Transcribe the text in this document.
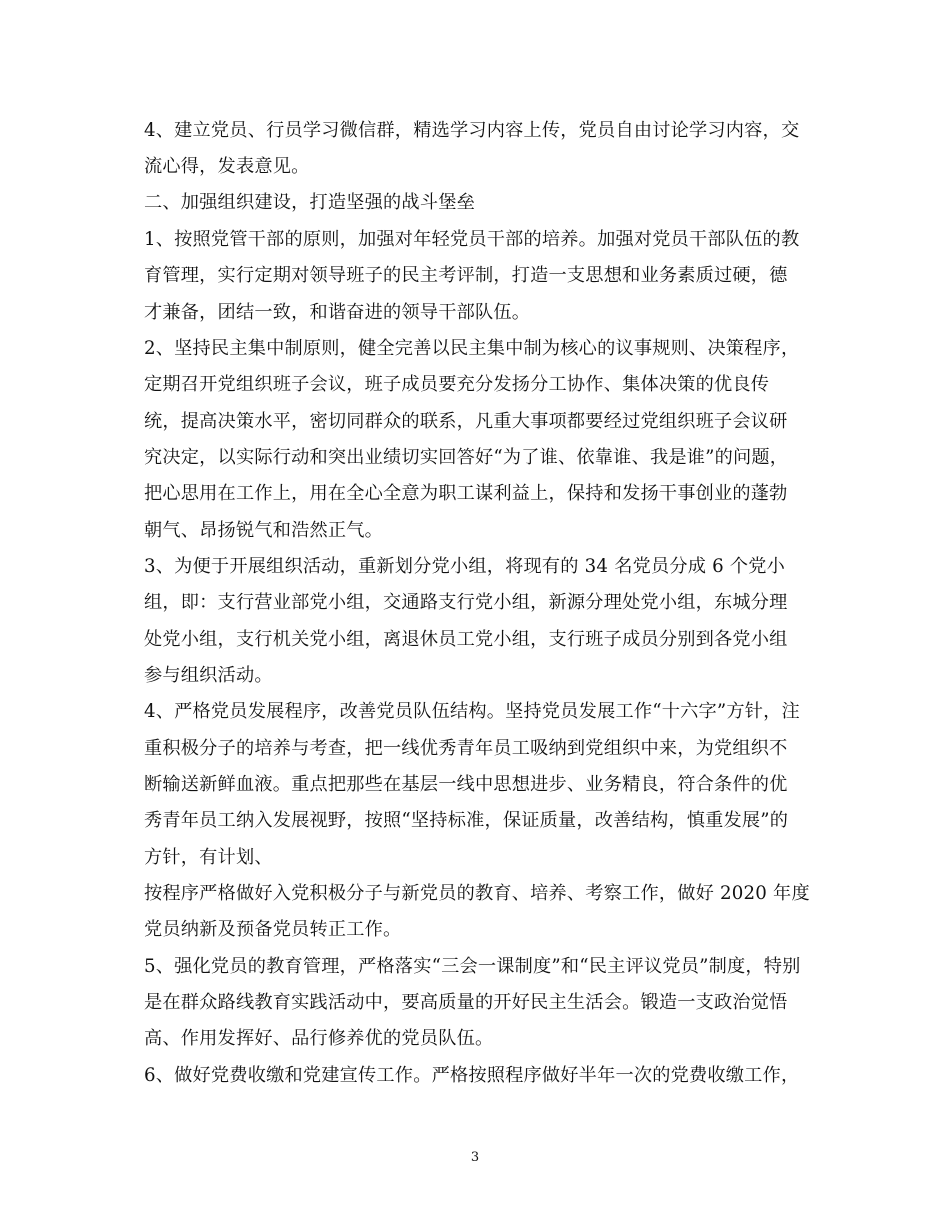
4、建立党员、行员学习微信群，精选学习内容上传，党员自由讨论学习内容，交
流心得，发表意见。
二、加强组织建设，打造坚强的战斗堡垒
1、按照党管干部的原则，加强对年轻党员干部的培养。加强对党员干部队伍的教
育管理，实行定期对领导班子的民主考评制，打造一支思想和业务素质过硬，德
才兼备，团结一致，和谐奋进的领导干部队伍。
2、坚持民主集中制原则，健全完善以民主集中制为核心的议事规则、决策程序，
定期召开党组织班子会议，班子成员要充分发扬分工协作、集体决策的优良传
统，提高决策水平，密切同群众的联系，凡重大事项都要经过党组织班子会议研
究决定，以实际行动和突出业绩切实回答好“为了谁、依靠谁、我是谁”的问题，
把心思用在工作上，用在全心全意为职工谋利益上，保持和发扬干事创业的蓬勃
朝气、昂扬锐气和浩然正气。
3、为便于开展组织活动，重新划分党小组，将现有的 34 名党员分成 6 个党小
组，即：支行营业部党小组，交通路支行党小组，新源分理处党小组，东城分理
处党小组，支行机关党小组，离退休员工党小组，支行班子成员分别到各党小组
参与组织活动。
4、严格党员发展程序，改善党员队伍结构。坚持党员发展工作“十六字”方针，注
重积极分子的培养与考查，把一线优秀青年员工吸纳到党组织中来，为党组织不
断输送新鲜血液。重点把那些在基层一线中思想进步、业务精良，符合条件的优
秀青年员工纳入发展视野，按照“坚持标准，保证质量，改善结构，慎重发展”的
方针，有计划、
按程序严格做好入党积极分子与新党员的教育、培养、考察工作，做好 2020 年度
党员纳新及预备党员转正工作。
5、强化党员的教育管理，严格落实“三会一课制度”和“民主评议党员”制度，特别
是在群众路线教育实践活动中，要高质量的开好民主生活会。锻造一支政治觉悟
高、作用发挥好、品行修养优的党员队伍。
6、做好党费收缴和党建宣传工作。严格按照程序做好半年一次的党费收缴工作，
3
